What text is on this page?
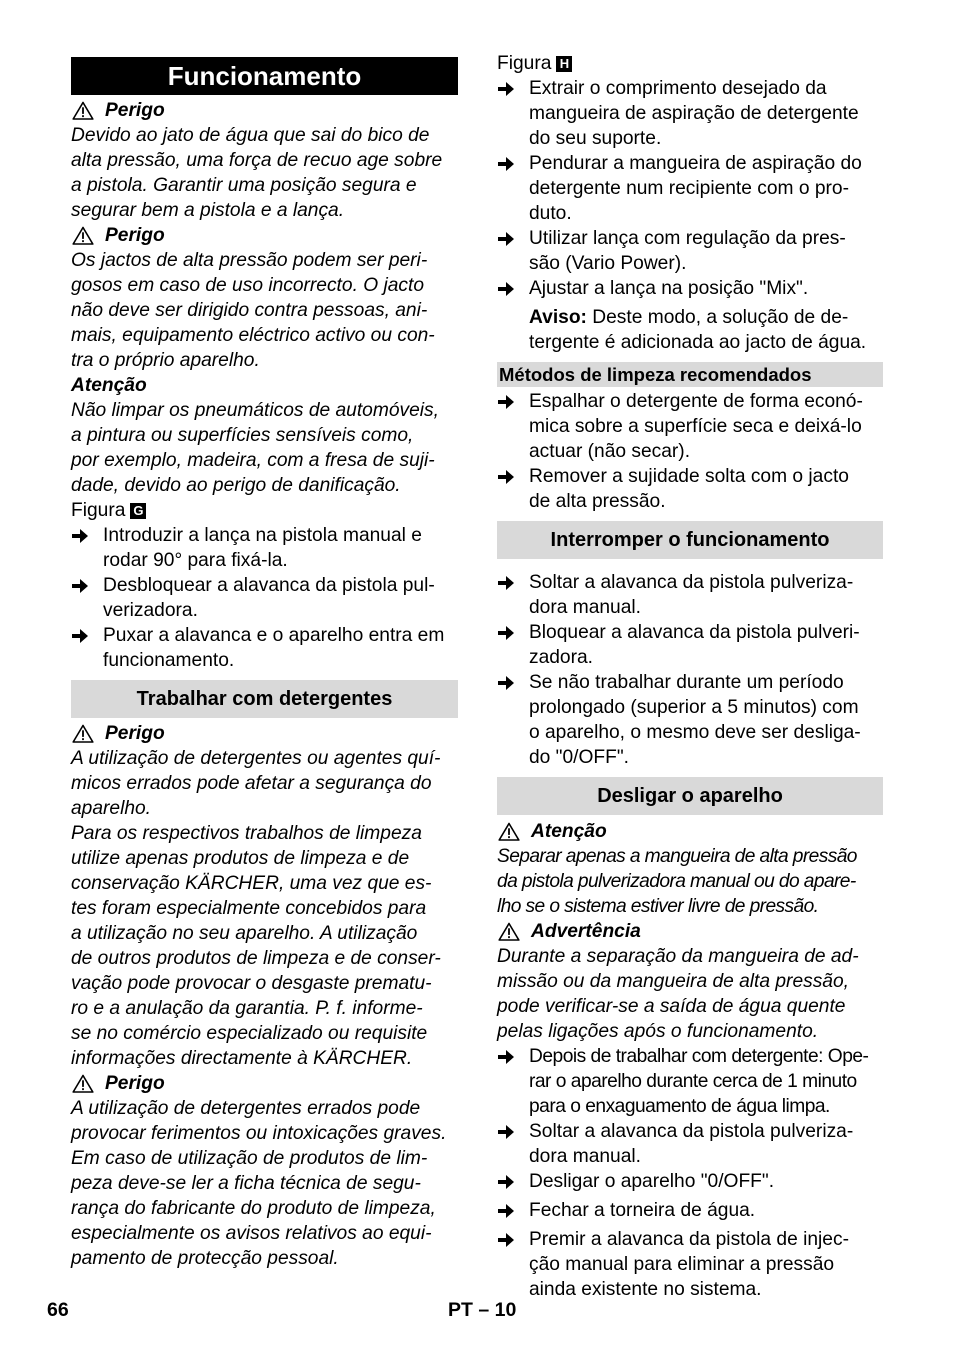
Funcionamento
Perigo
Devido ao jato de água que sai do bico de
alta pressão, uma força de recuo age sobre
a pistola. Garantir uma posição segura e
segurar bem a pistola e a lança.
Perigo
Os jactos de alta pressão podem ser peri-
gosos em caso de uso incorrecto. O jacto
não deve ser dirigido contra pessoas, ani-
mais, equipamento eléctrico activo ou con-
tra o próprio aparelho.
Atenção
Não limpar os pneumáticos de automóveis,
a pintura ou superfícies sensíveis como,
por exemplo, madeira, com a fresa de suji-
dade, devido ao perigo de danificação.
Figura G
Introduzir a lança na pistola manual e
rodar 90° para fixá-la.
Desbloquear a alavanca da pistola pul-
verizadora.
Puxar a alavanca e o aparelho entra em
funcionamento.
Trabalhar com detergentes
Perigo
A utilização de detergentes ou agentes quí-
micos errados pode afetar a segurança do
aparelho.
Para os respectivos trabalhos de limpeza
utilize apenas produtos de limpeza e de
conservação KÄRCHER, uma vez que es-
tes foram especialmente concebidos para
a utilização no seu aparelho. A utilização
de outros produtos de limpeza e de conser-
vação pode provocar o desgaste prematu-
ro e a anulação da garantia. P. f. informe-
se no comércio especializado ou requisite
informações directamente à KÄRCHER.
Perigo
A utilização de detergentes errados pode
provocar ferimentos ou intoxicações graves.
Em caso de utilização de produtos de lim-
peza deve-se ler a ficha técnica de segu-
rança do fabricante do produto de limpeza,
especialmente os avisos relativos ao equi-
pamento de protecção pessoal.
Figura H
Extrair o comprimento desejado da
mangueira de aspiração de detergente
do seu suporte.
Pendurar a mangueira de aspiração do
detergente num recipiente com o pro-
duto.
Utilizar lança com regulação da pres-
são (Vario Power).
Ajustar a lança na posição "Mix".
Aviso: Deste modo, a solução de de-
tergente é adicionada ao jacto de água.
Métodos de limpeza recomendados
Espalhar o detergente de forma econó-
mica sobre a superfície seca e deixá-lo
actuar (não secar).
Remover a sujidade solta com o jacto
de alta pressão.
Interromper o funcionamento
Soltar a alavanca da pistola pulveriza-
dora manual.
Bloquear a alavanca da pistola pulveri-
zadora.
Se não trabalhar durante um período
prolongado (superior a 5 minutos) com
o aparelho, o mesmo deve ser desliga-
do "0/OFF".
Desligar o aparelho
Atenção
Separar apenas a mangueira de alta pressão
da pistola pulverizadora manual ou do apare-
lho se o sistema estiver livre de pressão.
Advertência
Durante a separação da mangueira de ad-
missão ou da mangueira de alta pressão,
pode verificar-se a saída de água quente
pelas ligações após o funcionamento.
Depois de trabalhar com detergente: Ope-
rar o aparelho durante cerca de 1 minuto
para o enxaguamento de água limpa.
Soltar a alavanca da pistola pulveriza-
dora manual.
Desligar o aparelho "0/OFF".
Fechar a torneira de água.
Premir a alavanca da pistola de injec-
ção manual para eliminar a pressão
ainda existente no sistema.
66	PT – 10
